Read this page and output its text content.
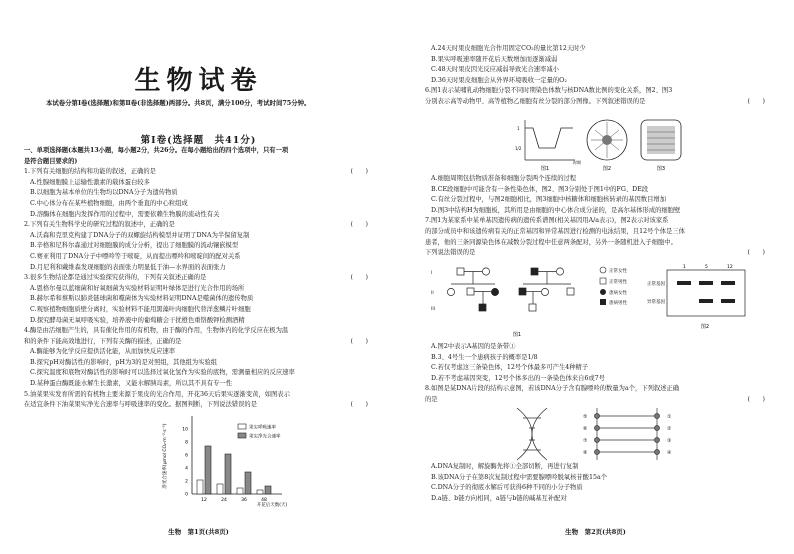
生物试卷
本试卷分第Ⅰ卷(选择题)和第Ⅱ卷(非选择题)两部分。共8页，满分100分，考试时间75分钟。
第Ⅰ卷(选择题　共41分)
一、单项选择题(本题共13小题，每小题2分，共26分。在每小题给出的四个选项中，只有一项
是符合题目要求的)
1.下列有关细胞的结构和功能的叙述，正确的是	(　　)
A.性腺细胞膜上运输性激素的载体蛋白较多
B.以细胞为基本单位的生物均以DNA分子为遗传物质
C.中心体分布在某些植物细胞，由两个垂直的中心粒组成
D.溶酶体在细胞内发挥作用的过程中，需要依赖生物膜的流动性有关
2.下列有关生物科学史的研究过程的叙述中，正确的是	(　　)
A.沃森和克里克构建了DNA分子的双螺旋结构模型并证明了DNA为半保留复制
B.辛格和尼科尔森通过对细胞膜的成分分析，提出了细胞膜的流动镶嵌模型
C.赛亚利用了DNA分子中嘌呤等于嘧啶，从而提出嘌呤和嘧啶间的配对关系
D.月尼利和戴维森发现细胞的表面张力明显低于油—水界面的表面张力
3.很多生物结论都是通过实验探究获得的，下列有关叙述正确的是	(　　)
A.恩格尔曼以蓝细菌和好氧细菌为实验材料证明叶绿体是进行光合作用的场所
B.赫尔希和蔡斯以肺炎链球菌和噬菌体为实验材料证明DNA是噬菌体的遗传物质
C.观察植物细胞质壁分离时，实验材料不能用黑藻叶肉细胞代替洋葱鳞片叶细胞
D.探究酵母菌无氧呼吸实验，培养液中的葡萄糖会干扰橙色重铬酸钾检测酒精
4.酶是由活细胞产生的，具有催化作用的有机物，由于酶的作用，生物体内的化学反应在极为温
和的条件下能高效地进行，下列有关酶的描述，正确的是	(　　)
A.酶能够为化学反应提供活化能，从而加快反应速率
B.探究pH对酶活性的影响时，pH为3的是对照组，其他组为实验组
C.探究温度和底物对酶活性的影响时可以选择过氧化氢作为实验的底物，需测量相应的反应速率
D.某种蛋白酶既能水解生长激素，又能水解胰岛素，所以其不具有专一性
5.油菜果实发育所需的有机物主要来源于果皮的光合作用，开花36天后果实逐渐变黄，如图表示
在适宜条件下油菜果实净光合速率与呼吸速率的变化。据图判断，下列说法错误的是	(　　)
净光合速率(μmol CO₂·m⁻²·s⁻¹)
0
2
4
6
8
10
12	24	36	48
开花后天数(天)
果实呼吸速率
果实净光合速率
生物　第1页(共8页)
A.24天时果皮细胞光合作用固定CO₂的量比第12天时少
B.果实呼吸速率随开花后天数增加而逐渐减弱
C.48天时果皮因光反应减弱导致光合速率减小
D.36天时果皮细胞会从外界环境吸收一定量的O₂
6.图1表示某哺乳动物细胞分裂不同时期染色体数与核DNA数比例的变化关系，图2、图3
分别表示高等动物甲、高等植物乙细胞有丝分裂的部分图像。下列叙述错误的是	(　　)
1
1/2
时期
图1	图2	图3
A.细胞周期包括物质准备和细胞分裂两个连续的过程
B.CE段细胞中可能含有一条性染色体，图2、图3分别处于图1中的FG、DE段
C.有丝分裂过程中，与图2细胞相比，图3细胞中核糖体和细胞核转录的基因数目增加
D.图3中结构H为细胞板，其所用是由细胞的中心体合成分泌的，是高尔基体形成的细胞壁
7.图1为某家系中某单基因遗传病的遗传系谱图(相关基因用A/a表示)，图2表示对该家系
的部分成员中和该遗传病有关的正常基因和异常基因进行检测的电泳结果，且12号个体是三体
患者，他的三条同源染色体在减数分裂过程中任意两条配对，另外一条随机进入子细胞中。
下列说法错误的是	(　　)
I
II
III
正常女性
正常男性
患病女性
患病男性
正常基因
异常基因
1	5	12
图1
图2
A.图2中表示A基因的是条带①
B.3、4号生一个患病孩子的概率是1/8
C.若仅考虑这三条染色体，12号个体最多可产生4种精子
D.若不考虑基因突变，12号个体多出的一条染色体来自6或7号
8.如图是某DNA片段的结构示意图，若该DNA分子含有腺嘌呤的数量为a个，下列叙述正确
的是	(　　)
①
②
③
④
⑤
⑥
⑦
⑧
A.DNA复制时，解旋酶先将①全部切断，再进行复制
B.该DNA分子在第8次复制过程中需要腺嘌呤脱氧核苷酸15a个
C.DNA分子的彻底水解后可获得6种不同的小分子物质
D.a链、b链方向相同，a链与b链的碱基互补配对
生物　第2页(共8页)
